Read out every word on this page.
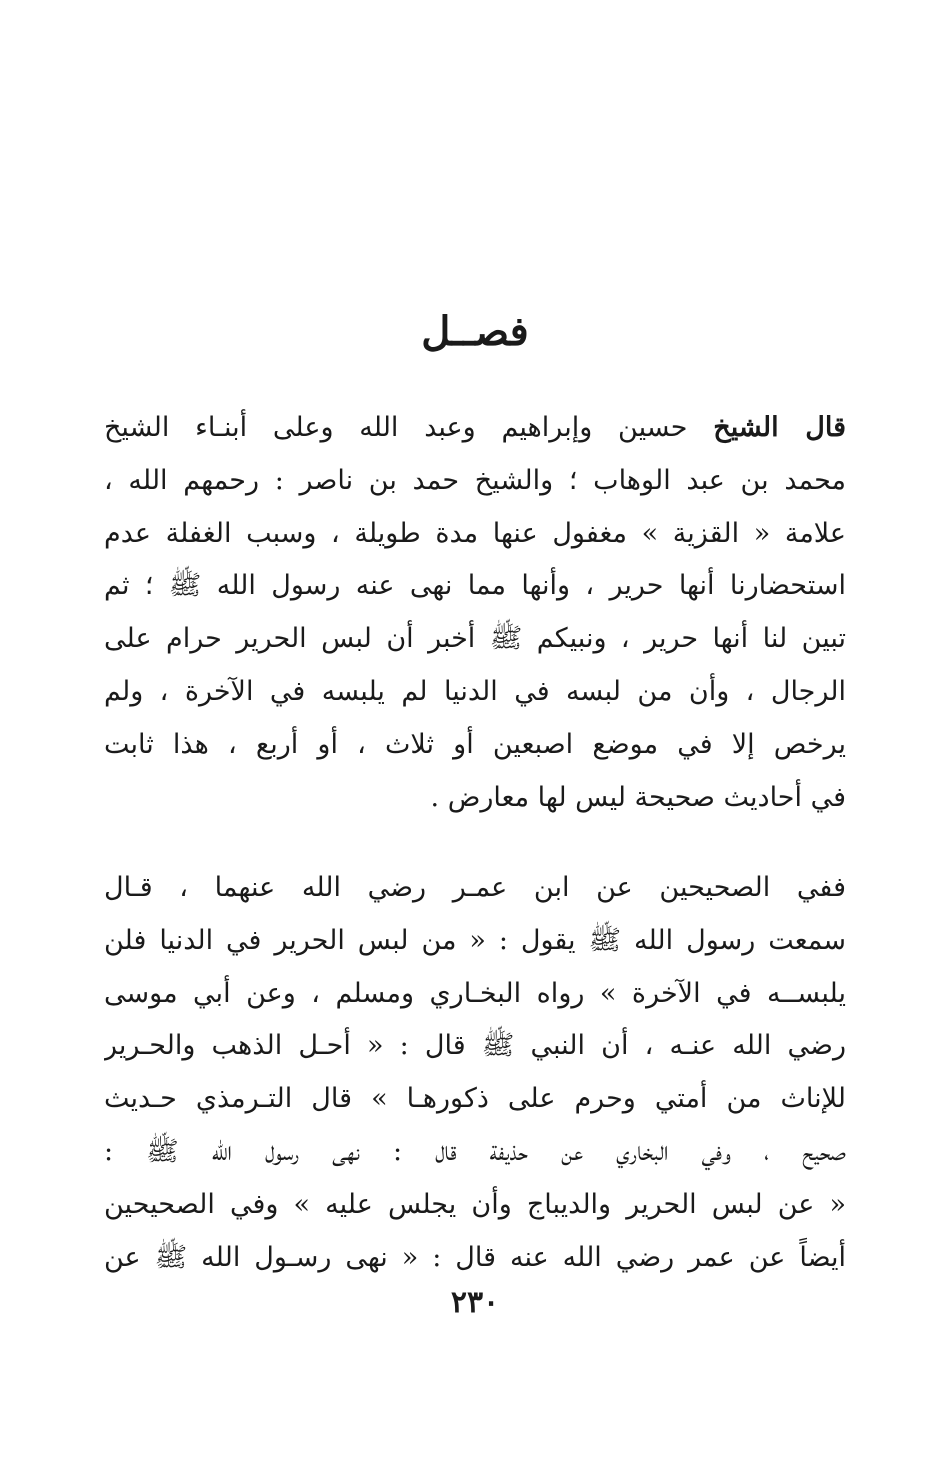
فصــل

قال الشيخ حسين وإبراهيم وعبد الله وعلى أبنـاء الشيخ
محمد بن عبد الوهاب ؛ والشيخ حمد بن ناصر : رحمهم الله ،
علامة « القزية » مغفول عنها مدة طويلة ، وسبب الغفلة عدم
استحضارنا أنها حرير ، وأنها مما نهى عنه رسول الله ﷺ ؛ ثم
تبين لنا أنها حرير ، ونبيكم ﷺ أخبر أن لبس الحرير حرام على
الرجال ، وأن من لبسه في الدنيا لم يلبسه في الآخرة ، ولم
يرخص إلا في موضع اصبعين أو ثلاث ، أو أربع ، هذا ثابت
في أحاديث صحيحة ليس لها معارض .

ففي الصحيحين عن ابن عمـر رضي الله عنهما ، قـال
سمعت رسول الله ﷺ يقول : « من لبس الحرير في الدنيا فلن
يلبســه في الآخرة » رواه البخـاري ومسلم ، وعن أبي موسى
رضي الله عنـه ، أن النبي ﷺ قال : « أحـل الذهب والحـرير
للإناث من أمتي وحرم على ذكورهـا » قال التـرمذي حـديث
صحيح ، وفي البخاري عن حذيفة قال : نهى رسول الله ﷺ :
« عن لبس الحرير والديباج وأن يجلس عليه » وفي الصحيحين
أيضاً عن عمر رضي الله عنه قال : « نهى رسـول الله ﷺ عن

٢٣٠
